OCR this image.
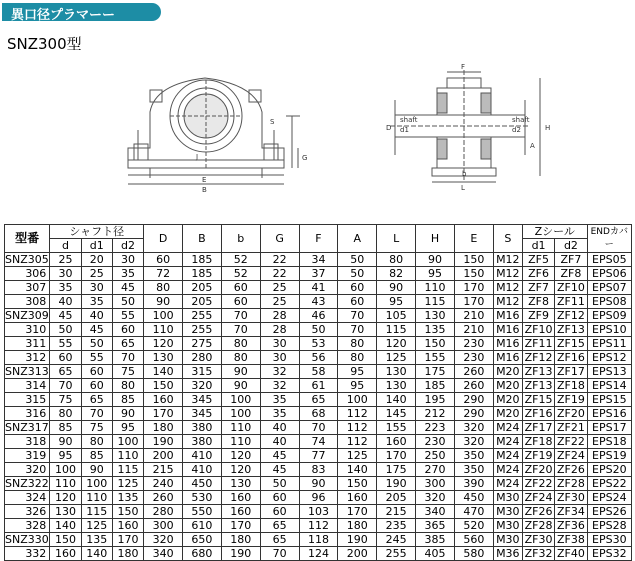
異口径プラマーー
SNZ300型
E
B
G
J
S
F
D d1	d2
A
H
L
shaft	shaft
b
型番	シャフト径			D	B	b	G	F	A	L	H	E	S	Zシール		ENDカバー
	d	d1	d2											d1	d2	
SNZ305	25	20	30	60	185	52	22	34	50	80	90	150	M12	ZF5	ZF7	EPS05
306	30	25	35	72	185	52	22	37	50	82	95	150	M12	ZF6	ZF8	EPS06
307	35	30	45	80	205	60	25	41	60	90	110	170	M12	ZF7	ZF10	EPS07
308	40	35	50	90	205	60	25	43	60	95	115	170	M12	ZF8	ZF11	EPS08
SNZ309	45	40	55	100	255	70	28	46	70	105	130	210	M16	ZF9	ZF12	EPS09
310	50	45	60	110	255	70	28	50	70	115	135	210	M16	ZF10	ZF13	EPS10
311	55	50	65	120	275	80	30	53	80	120	150	230	M16	ZF11	ZF15	EPS11
312	60	55	70	130	280	80	30	56	80	125	155	230	M16	ZF12	ZF16	EPS12
SNZ313	65	60	75	140	315	90	32	58	95	130	175	260	M20	ZF13	ZF17	EPS13
314	70	60	80	150	320	90	32	61	95	130	185	260	M20	ZF13	ZF18	EPS14
315	75	65	85	160	345	100	35	65	100	140	195	290	M20	ZF15	ZF19	EPS15
316	80	70	90	170	345	100	35	68	112	145	212	290	M20	ZF16	ZF20	EPS16
SNZ317	85	75	95	180	380	110	40	70	112	155	223	320	M24	ZF17	ZF21	EPS17
318	90	80	100	190	380	110	40	74	112	160	230	320	M24	ZF18	ZF22	EPS18
319	95	85	110	200	410	120	45	77	125	170	250	350	M24	ZF19	ZF24	EPS19
320	100	90	115	215	410	120	45	83	140	175	270	350	M24	ZF20	ZF26	EPS20
SNZ322	110	100	125	240	450	130	50	90	150	190	300	390	M24	ZF22	ZF28	EPS22
324	120	110	135	260	530	160	60	96	160	205	320	450	M30	ZF24	ZF30	EPS24
326	130	115	150	280	550	160	60	103	170	215	340	470	M30	ZF26	ZF34	EPS26
328	140	125	160	300	610	170	65	112	180	235	365	520	M30	ZF28	ZF36	EPS28
SNZ330	150	135	170	320	650	180	65	118	190	245	385	560	M30	ZF30	ZF38	EPS30
332	160	140	180	340	680	190	70	124	200	255	405	580	M36	ZF32	ZF40	EPS32
